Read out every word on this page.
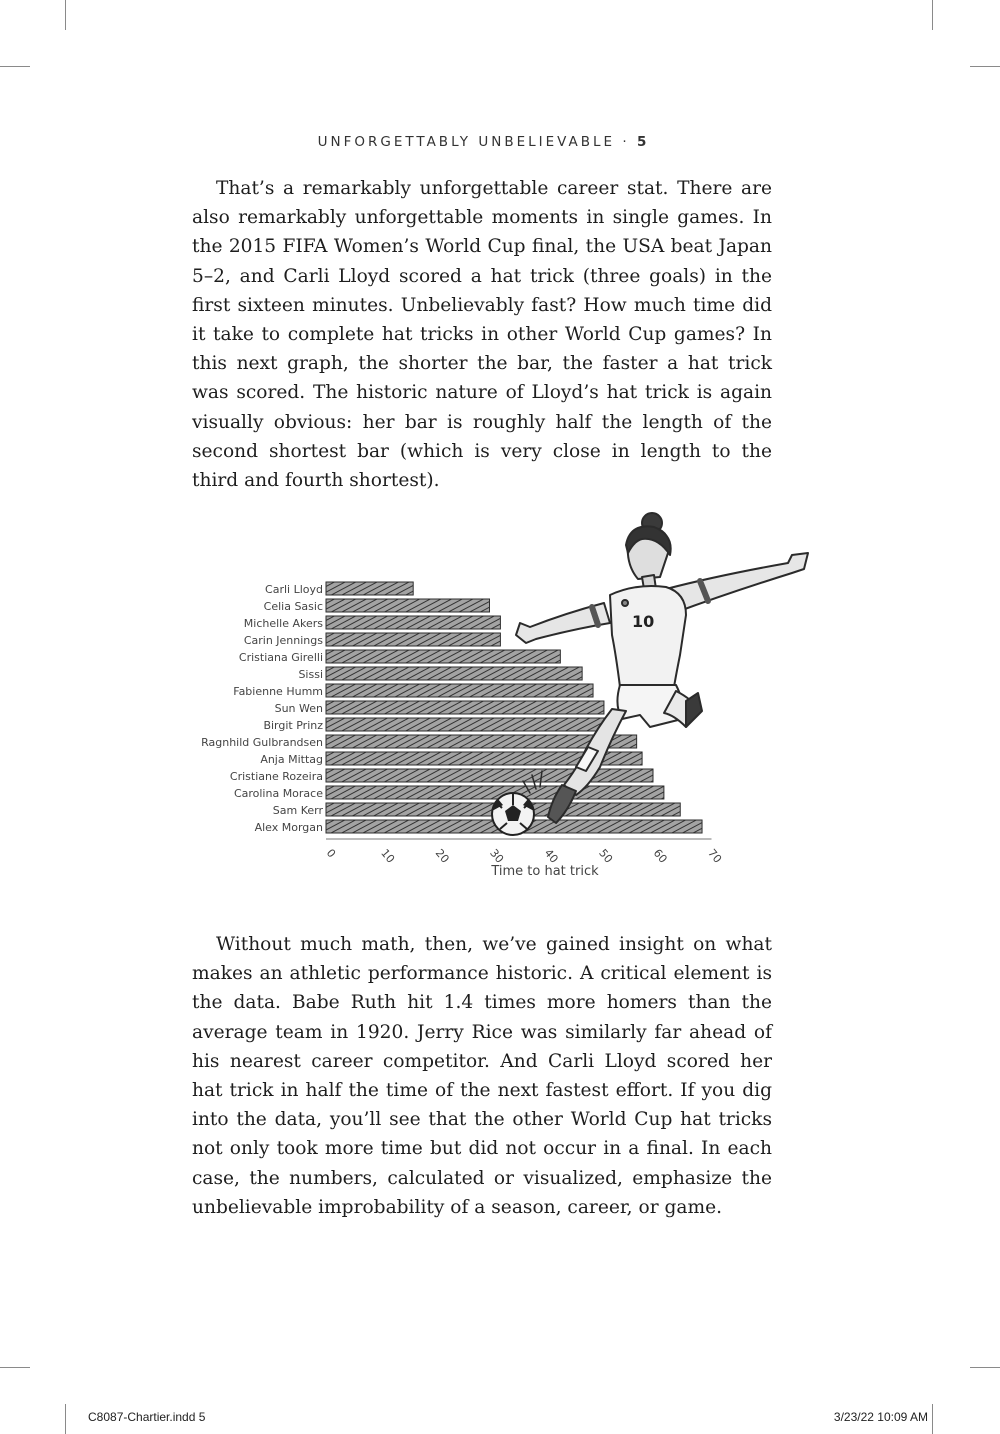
UNFORGETTABLY UNBELIEVABLE · 5

That’s a remarkably unforgettable career stat. There are also remarkably unforgettable moments in single games. In the 2015 FIFA Women’s World Cup final, the USA beat Japan 5–2, and Carli Lloyd scored a hat trick (three goals) in the first sixteen minutes. Unbelievably fast? How much time did it take to complete hat tricks in other World Cup games? In this next graph, the shorter the bar, the faster a hat trick was scored. The historic nature of Lloyd’s hat trick is again visually obvious: her bar is roughly half the length of the second shortest bar (which is very close in length to the third and fourth shortest).

Carli Lloyd
Celia Sasic
Michelle Akers
Carin Jennings
Cristiana Girelli
Sissi
Fabienne Humm
Sun Wen
Birgit Prinz
Ragnhild Gulbrandsen
Anja Mittag
Cristiane Rozeira
Carolina Morace
Sam Kerr
Alex Morgan
0	10	20	30	40	50	60	70
Time to hat trick
10

Without much math, then, we’ve gained insight on what makes an athletic performance historic. A critical element is the data. Babe Ruth hit 1.4 times more homers than the average team in 1920. Jerry Rice was similarly far ahead of his nearest career competitor. And Carli Lloyd scored her hat trick in half the time of the next fastest effort. If you dig into the data, you’ll see that the other World Cup hat tricks not only took more time but did not occur in a final. In each case, the numbers, calculated or visualized, emphasize the unbelievable improbability of a season, career, or game.

C8087-Chartier.indd 5	3/23/22 10:09 AM
